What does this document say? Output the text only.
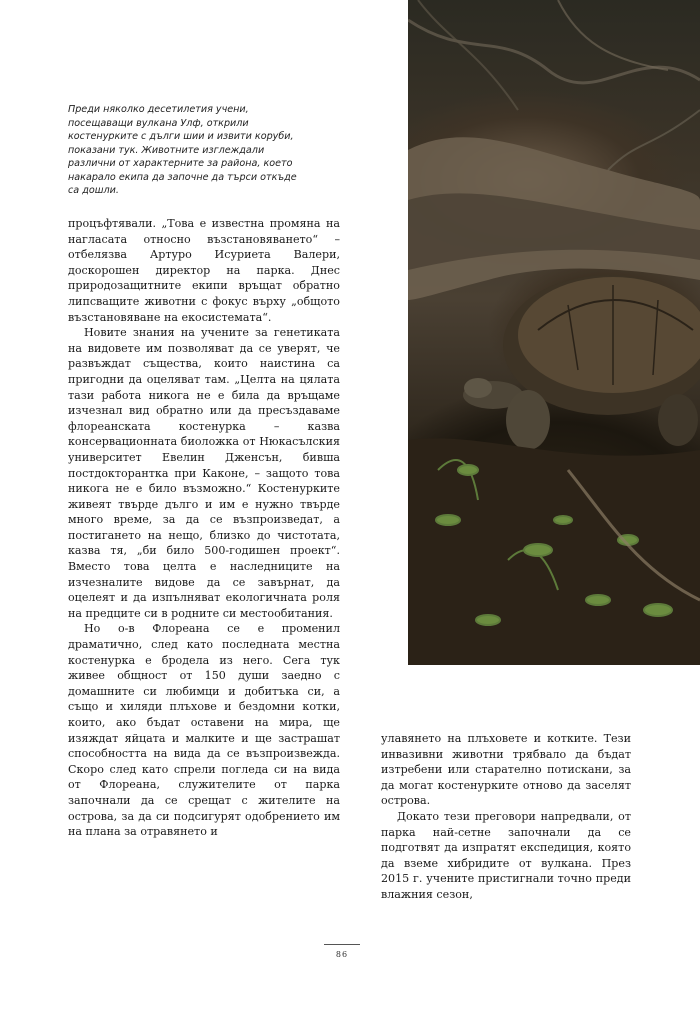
Преди няколко десетилетия учени, посещаващи вулкана Улф, открили костенурките с дълги шии и извити коруби, показани тук. Животните изглеждали различни от характерните за района, което накарало екипа да започне да търси откъде са дошли.

процъфтявали. „Това е известна промяна на нагласата относно възстановяването“ – отбелязва Артуро Исуриета Валери, доскорошен директор на парка. Днес природозащитните екипи връщат обратно липсващите животни с фокус върху „общото възстановяване на екосистемата“.

Новите знания на учените за генетиката на видовете им позволяват да се уверят, че развъждат същества, които наистина са пригодни да оцеляват там. „Целта на цялата тази работа никога не е била да връщаме изчезнал вид обратно или да пресъздаваме флореанската костенурка – казва консервационната биоложка от Нюкасълския университет Евелин Дженсън, бивша постдокторантка при Каконе, – защото това никога не е било възможно.“ Костенурките живеят твърде дълго и им е нужно твърде много време, за да се възпроизведат, а постигането на нещо, близко до чистотата, казва тя, „би било 500-годишен проект“. Вместо това целта е наследниците на изчезналите видове да се завърнат, да оцелеят и да изпълняват екологичната роля на предците си в родните си местообитания.

Но о-в Флореана се е променил драматично, след като последната местна костенурка е бродела из него. Сега тук живее общност от 150 души заедно с домашните си любимци и добитъка си, а също и хиляди плъхове и бездомни котки, които, ако бъдат оставени на мира, ще изяждат яйцата и малките и ще застрашат способността на вида да се възпроизвежда. Скоро след като спрели погледа си на вида от Флореана, служителите от парка започнали да се срещат с жителите на острова, за да си подсигурят одобрението им на плана за отравянето и

улавянето на плъховете и котките. Тези инвазивни животни трябвало да бъдат изтребени или старателно потискани, за да могат костенурките отново да заселят острова.

Докато тези преговори напредвали, от парка най-сетне започнали да се подготвят да изпратят експедиция, която да вземе хибридите от вулкана. През 2015 г. учените пристигнали точно преди влажния сезон,

86
